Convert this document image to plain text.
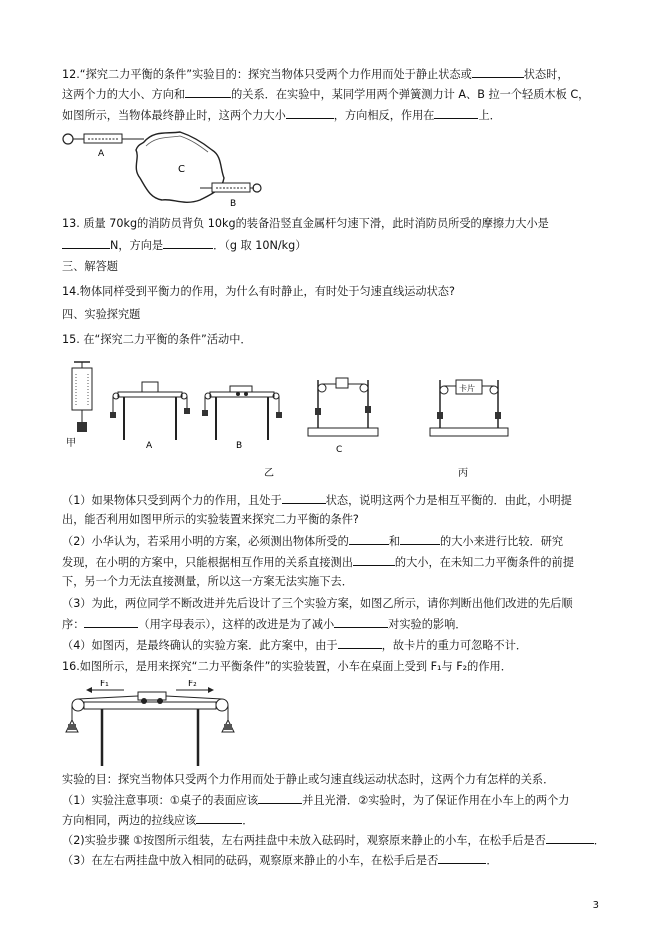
12.“探究二力平衡的条件”实验目的：探究当物体只受两个力作用而处于静止状态或	状态时，
这两个力的大小、方向和	的关系．在实验中，某同学用两个弹簧测力计 A、B 拉一个轻质木板 C，
如图所示，当物体最终静止时，这两个力大小	，方向相反，作用在	上．
A
C
B
13. 质量 70kg的消防员背负 10kg的装备沿竖直金属杆匀速下滑，此时消防员所受的摩擦力大小是
N，方向是	．（g 取 10N/kg）
三、解答题
14.物体同样受到平衡力的作用，为什么有时静止，有时处于匀速直线运动状态?
四、实验探究题
15. 在“探究二力平衡的条件”活动中．
甲	A	B	C
乙
卡片
丙
（1）如果物体只受到两个力的作用，且处于	状态，说明这两个力是相互平衡的．由此，小明提
出，能否利用如图甲所示的实验装置来探究二力平衡的条件?
（2）小华认为，若采用小明的方案，必须测出物体所受的	和	的大小来进行比较．研究
发现，在小明的方案中，只能根据相互作用的关系直接测出	的大小，在未知二力平衡条件的前提
下，另一个力无法直接测量，所以这一方案无法实施下去．
（3）为此，两位同学不断改进并先后设计了三个实验方案，如图乙所示，请你判断出他们改进的先后顺
序：	（用字母表示），这样的改进是为了减小	对实验的影响．
（4）如图丙，是最终确认的实验方案．此方案中，由于	，故卡片的重力可忽略不计．
16.如图所示，是用来探究“二力平衡条件”的实验装置，小车在桌面上受到 F₁与 F₂的作用．
F₁	F₂
实验的目：探究当物体只受两个力作用而处于静止或匀速直线运动状态时，这两个力有怎样的关系．
（1）实验注意事项：①桌子的表面应该	并且光滑．②实验时，为了保证作用在小车上的两个力
方向相同，两边的拉线应该	．
（2)实验步骤 ①按图所示组装，左右两挂盘中未放入砝码时，观察原来静止的小车，在松手后是否	．
（3）在左右两挂盘中放入相同的砝码，观察原来静止的小车，在松手后是否	．
3
